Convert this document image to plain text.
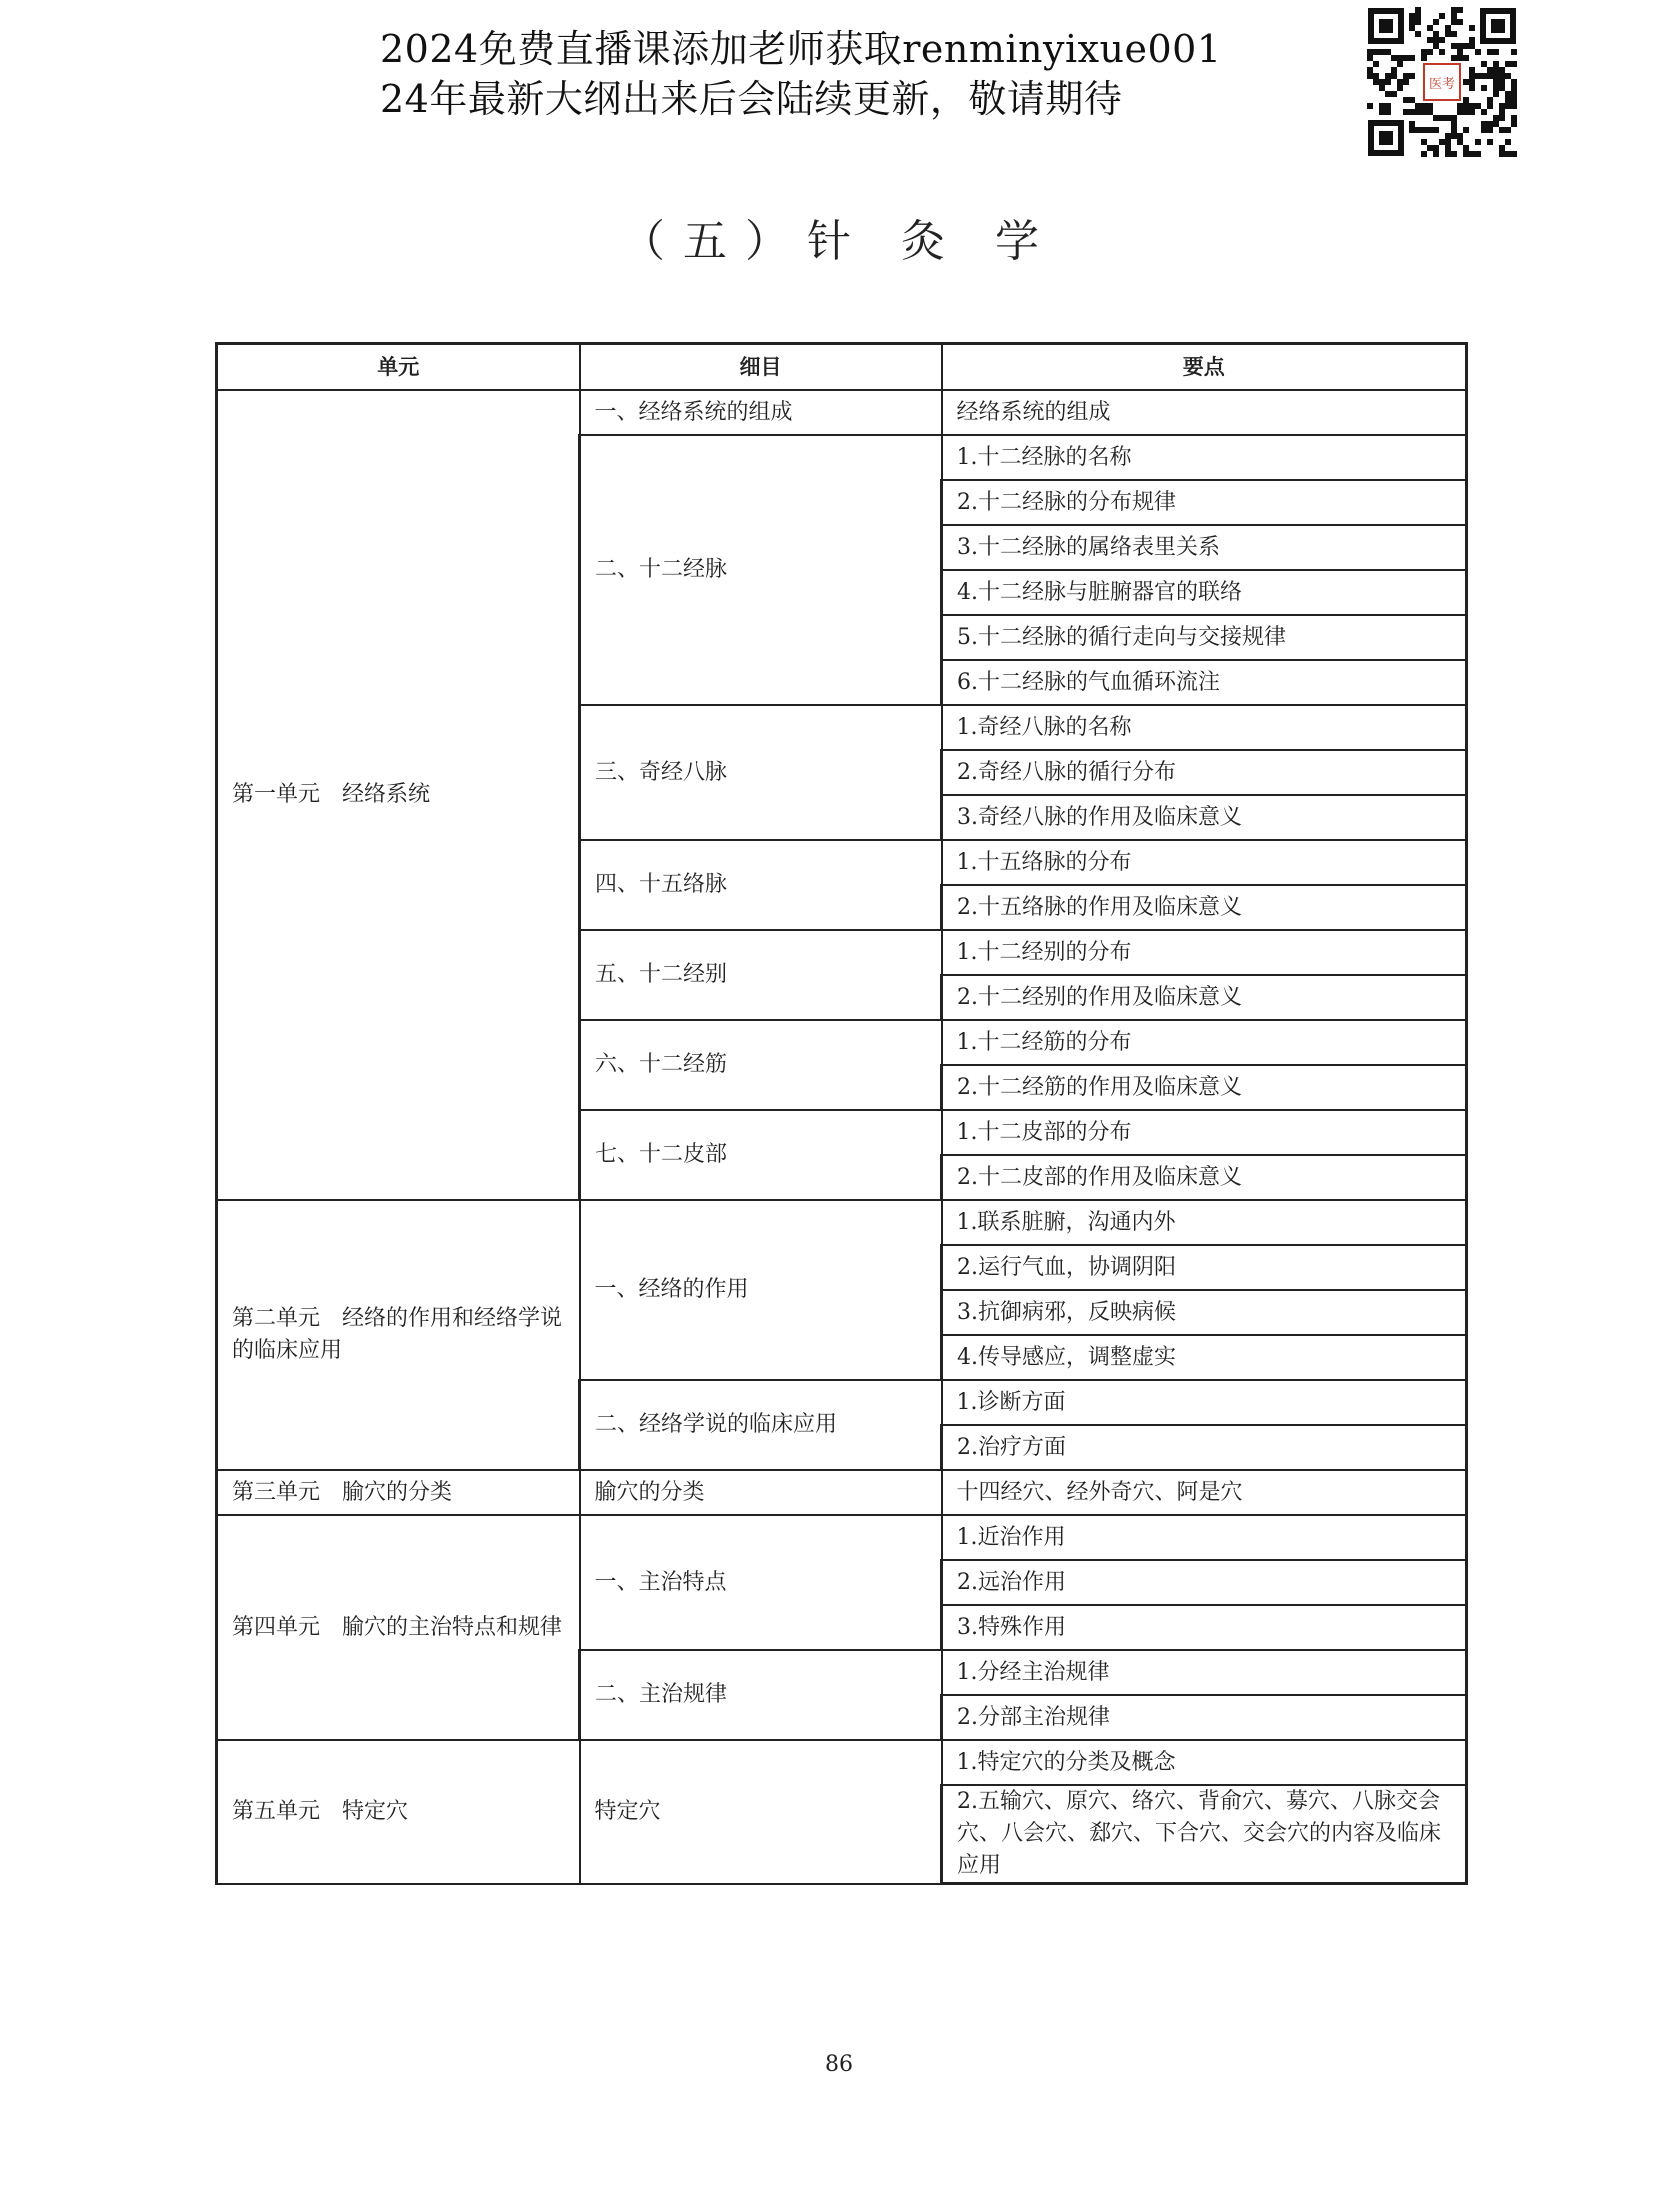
2024免费直播课添加老师获取renminyixue001
24年最新大纲出来后会陆续更新，敬请期待	医考
（五）针 灸 学
单元	细目	要点
第一单元　经络系统	一、经络系统的组成	经络系统的组成
	二、十二经脉	1.十二经脉的名称
		2.十二经脉的分布规律
		3.十二经脉的属络表里关系
		4.十二经脉与脏腑器官的联络
		5.十二经脉的循行走向与交接规律
		6.十二经脉的气血循环流注
	三、奇经八脉	1.奇经八脉的名称
		2.奇经八脉的循行分布
		3.奇经八脉的作用及临床意义
	四、十五络脉	1.十五络脉的分布
		2.十五络脉的作用及临床意义
	五、十二经别	1.十二经别的分布
		2.十二经别的作用及临床意义
	六、十二经筋	1.十二经筋的分布
		2.十二经筋的作用及临床意义
	七、十二皮部	1.十二皮部的分布
		2.十二皮部的作用及临床意义
第二单元　经络的作用和经络学说的临床应用	一、经络的作用	1.联系脏腑，沟通内外
		2.运行气血，协调阴阳
		3.抗御病邪，反映病候
		4.传导感应，调整虚实
	二、经络学说的临床应用	1.诊断方面
		2.治疗方面
第三单元　腧穴的分类	腧穴的分类	十四经穴、经外奇穴、阿是穴
第四单元　腧穴的主治特点和规律	一、主治特点	1.近治作用
		2.远治作用
		3.特殊作用
	二、主治规律	1.分经主治规律
		2.分部主治规律
第五单元　特定穴	特定穴	1.特定穴的分类及概念
		2.五输穴、原穴、络穴、背俞穴、募穴、八脉交会穴、八会穴、郄穴、下合穴、交会穴的内容及临床应用
86
